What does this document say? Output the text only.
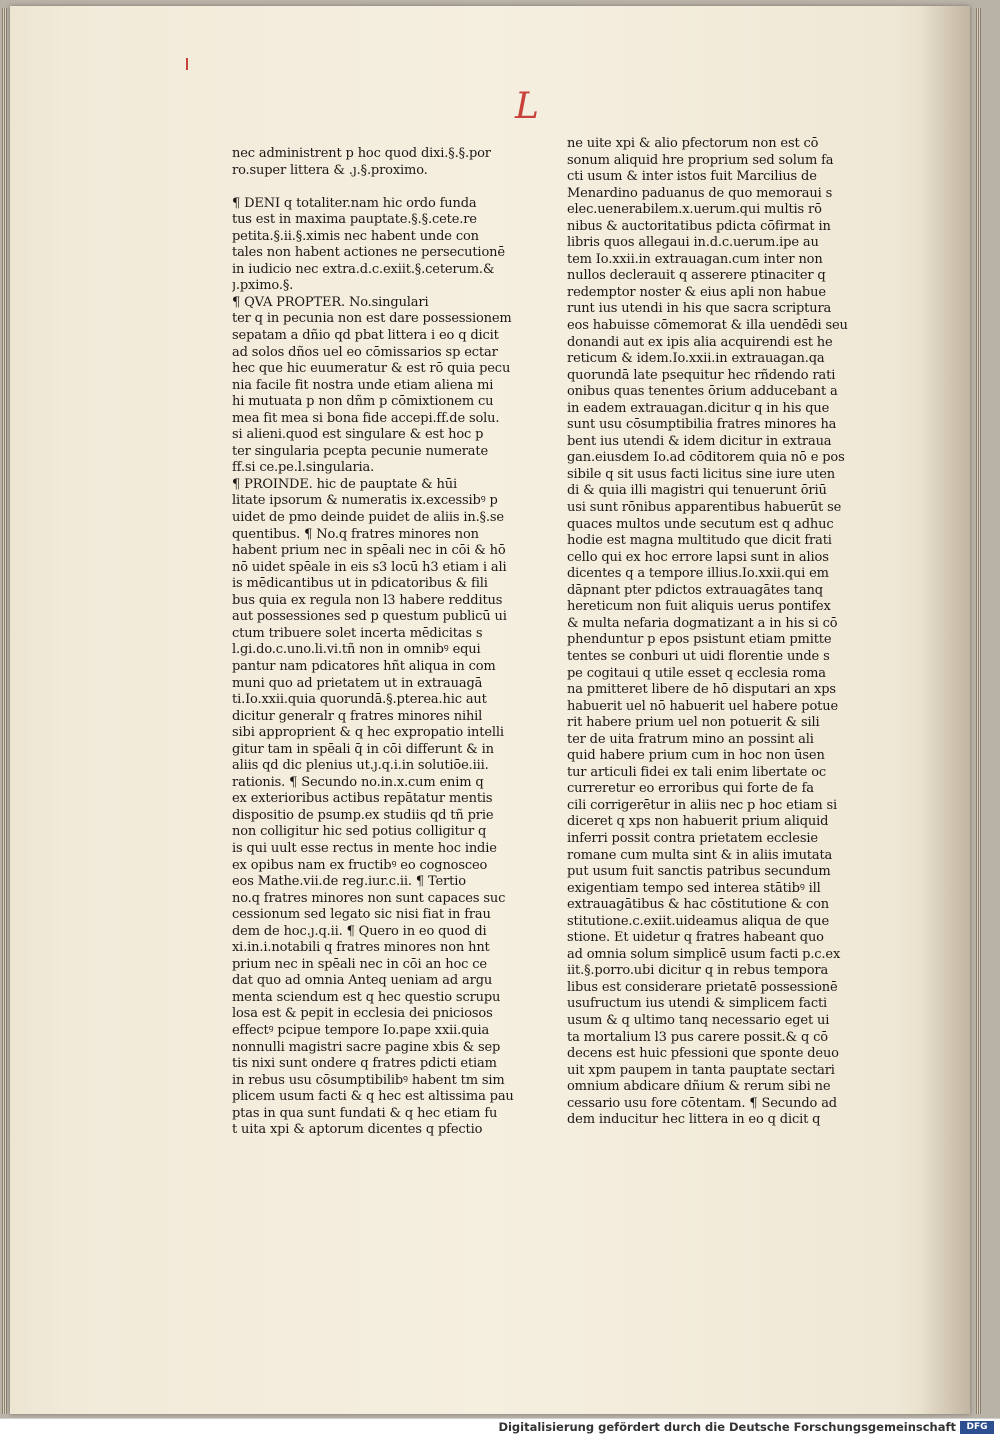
L
nec administrent p hoc quod dixi.§.§.por
ro.super littera & .ȷ.§.proximo.

¶ DENI q totaliter.nam hic ordo funda
tus est in maxima pauptate.§.§.cete.re
petita.§.ii.§.ximis nec habent unde con
tales non habent actiones ne persecutionē
in iudicio nec extra.d.c.exiit.§.ceterum.&
ȷ.pximo.§.
¶ QVA PROPTER. No.singulari
ter q in pecunia non est dare possessionem
sepatam a dñio qd pbat littera i eo q dicit
ad solos dños uel eo cōmissarios sp ectar
hec que hic euumeratur & est rō quia pecu
nia facile fit nostra unde etiam aliena mi
hi mutuata p non dñm p cōmixtionem cu
mea fit mea si bona fide accepi.ff.de solu.
si alieni.quod est singulare & est hoc p
ter singularia pcepta pecunie numerate
ff.si ce.pe.l.singularia.
¶ PROINDE. hic de pauptate & hūi
litate ipsorum & numeratis ix.excessibꝰ p
uidet de pmo deinde puidet de aliis in.§.se
quentibus. ¶ No.q fratres minores non
habent prium nec in spēali nec in cōi & hō
nō uidet spēale in eis s3 locū h3 etiam i ali
is mēdicantibus ut in pdicatoribus & fili
bus quia ex regula non l3 habere redditus
aut possessiones sed p questum publicū ui
ctum tribuere solet incerta mēdicitas s
l.gi.do.c.uno.li.vi.tñ non in omnibꝰ equi
pantur nam pdicatores hñt aliqua in com
muni quo ad prietatem ut in extrauagā
ti.Io.xxii.quia quorundā.§.pterea.hic aut
dicitur generalr q fratres minores nihil
sibi approprient & q hec expropatio intelli
gitur tam in spēali q̄ in cōi differunt & in
aliis qd dic plenius ut.ȷ.q.i.in solutiōe.iii.
rationis. ¶ Secundo no.in.x.cum enim q
ex exterioribus actibus repātatur mentis
dispositio de psump.ex studiis qd tñ prie
non colligitur hic sed potius colligitur q
is qui uult esse rectus in mente hoc indie
ex opibus nam ex fructibꝰ eo cognosceo
eos Mathe.vii.de reg.iur.c.ii. ¶ Tertio
no.q fratres minores non sunt capaces suc
cessionum sed legato sic nisi fiat in frau
dem de hoc.ȷ.q.ii. ¶ Quero in eo quod di
xi.in.i.notabili q fratres minores non hnt
prium nec in spēali nec in cōi an hoc ce
dat quo ad omnia Anteq ueniam ad argu
menta sciendum est q hec questio scrupu
losa est & pepit in ecclesia dei pniciosos
effectꝰ pcipue tempore Io.pape xxii.quia
nonnulli magistri sacre pagine xbis & sep
tis nixi sunt ondere q fratres pdicti etiam
in rebus usu cōsumptibilibꝰ habent tm sim
plicem usum facti & q hec est altissima pau
ptas in qua sunt fundati & q hec etiam fu
t uita xpi & aptorum dicentes q pfectio
ne uite xpi & alio pfectorum non est cō
sonum aliquid hre proprium sed solum fa
cti usum & inter istos fuit Marcilius de
Menardino paduanus de quo memoraui s
elec.uenerabilem.x.uerum.qui multis rō
nibus & auctoritatibus pdicta cōfirmat in
libris quos allegaui in.d.c.uerum.ipe au
tem Io.xxii.in extrauagan.cum inter non
nullos declerauit q asserere ptinaciter q
redemptor noster & eius apli non habue
runt ius utendi in his que sacra scriptura
eos habuisse cōmemorat & illa uendēdi seu
donandi aut ex ipis alia acquirendi est he
reticum & idem.Io.xxii.in extrauagan.qa
quorundā late psequitur hec rñdendo rati
onibus quas tenentes ōrium adducebant a
in eadem extrauagan.dicitur q in his que
sunt usu cōsumptibilia fratres minores ha
bent ius utendi & idem dicitur in extraua
gan.eiusdem Io.ad cōditorem quia nō e pos
sibile q sit usus facti licitus sine iure uten
di & quia illi magistri qui tenuerunt ōriū
usi sunt rōnibus apparentibus habuerūt se
quaces multos unde secutum est q adhuc
hodie est magna multitudo que dicit frati
cello qui ex hoc errore lapsi sunt in alios
dicentes q a tempore illius.Io.xxii.qui em
dāpnant pter pdictos extrauagātes tanq
hereticum non fuit aliquis uerus pontifex
& multa nefaria dogmatizant a in his si cō
phenduntur p epos psistunt etiam pmitte
tentes se conburi ut uidi florentie unde s
pe cogitaui q utile esset q ecclesia roma
na pmitteret libere de hō disputari an xps
habuerit uel nō habuerit uel habere potue
rit habere prium uel non potuerit & sili
ter de uita fratrum mino an possint ali
quid habere prium cum in hoc non ūsen
tur articuli fidei ex tali enim libertate oc
curreretur eo erroribus qui forte de fa
cili corrigerētur in aliis nec p hoc etiam si
diceret q xps non habuerit prium aliquid
inferri possit contra prietatem ecclesie
romane cum multa sint & in aliis imutata
put usum fuit sanctis patribus secundum
exigentiam tempo sed interea stātibꝰ ill
extrauagātibus & hac cōstitutione & con
stitutione.c.exiit.uideamus aliqua de que
stione. Et uidetur q fratres habeant quo
ad omnia solum simplicē usum facti p.c.ex
iit.§.porro.ubi dicitur q in rebus tempora
libus est considerare prietatē possessionē
usufructum ius utendi & simplicem facti
usum & q ultimo tanq necessario eget ui
ta mortalium l3 pus carere possit.& q cō
decens est huic pfessioni que sponte deuo
uit xpm paupem in tanta pauptate sectari
omnium abdicare dñium & rerum sibi ne
cessario usu fore cōtentam. ¶ Secundo ad
dem inducitur hec littera in eo q dicit q
Digitalisierung gefördert durch die Deutsche Forschungsgemeinschaft	DFG
